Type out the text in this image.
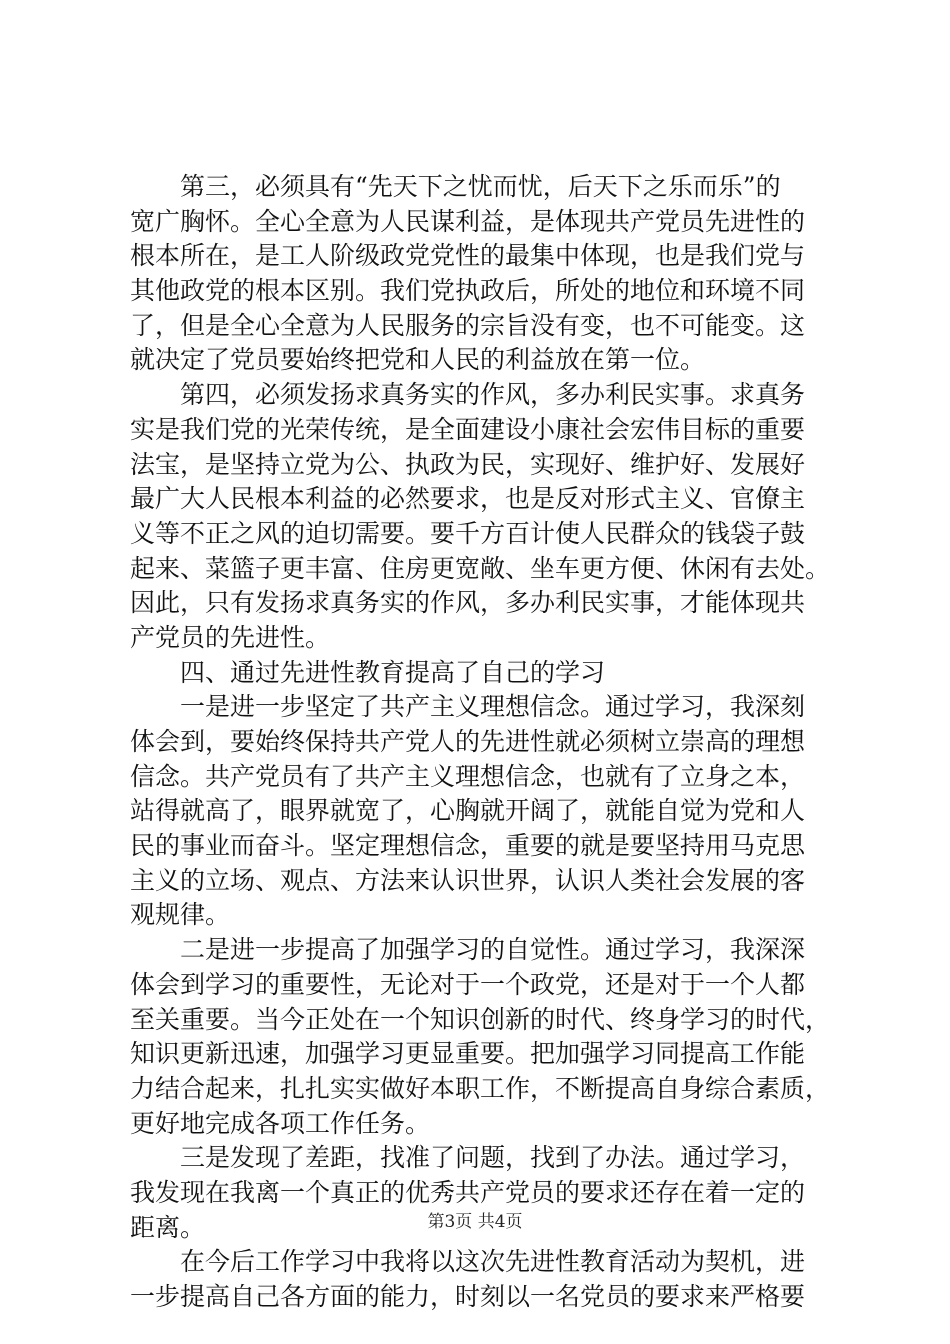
第三，必须具有“先天下之忧而忧，后天下之乐而乐”的
宽广胸怀。全心全意为人民谋利益，是体现共产党员先进性的
根本所在，是工人阶级政党党性的最集中体现，也是我们党与
其他政党的根本区别。我们党执政后，所处的地位和环境不同
了，但是全心全意为人民服务的宗旨没有变，也不可能变。这
就决定了党员要始终把党和人民的利益放在第一位。
第四，必须发扬求真务实的作风，多办利民实事。求真务
实是我们党的光荣传统，是全面建设小康社会宏伟目标的重要
法宝，是坚持立党为公、执政为民，实现好、维护好、发展好
最广大人民根本利益的必然要求，也是反对形式主义、官僚主
义等不正之风的迫切需要。要千方百计使人民群众的钱袋子鼓
起来、菜篮子更丰富、住房更宽敞、坐车更方便、休闲有去处。
因此，只有发扬求真务实的作风，多办利民实事，才能体现共
产党员的先进性。
四、通过先进性教育提高了自己的学习
一是进一步坚定了共产主义理想信念。通过学习，我深刻
体会到，要始终保持共产党人的先进性就必须树立崇高的理想
信念。共产党员有了共产主义理想信念，也就有了立身之本，
站得就高了，眼界就宽了，心胸就开阔了，就能自觉为党和人
民的事业而奋斗。坚定理想信念，重要的就是要坚持用马克思
主义的立场、观点、方法来认识世界，认识人类社会发展的客
观规律。
二是进一步提高了加强学习的自觉性。通过学习，我深深
体会到学习的重要性，无论对于一个政党，还是对于一个人都
至关重要。当今正处在一个知识创新的时代、终身学习的时代，
知识更新迅速，加强学习更显重要。把加强学习同提高工作能
力结合起来，扎扎实实做好本职工作，不断提高自身综合素质，
更好地完成各项工作任务。
三是发现了差距，找准了问题，找到了办法。通过学习，
我发现在我离一个真正的优秀共产党员的要求还存在着一定的
距离。
在今后工作学习中我将以这次先进性教育活动为契机，进
一步提高自己各方面的能力，时刻以一名党员的要求来严格要
第3页 共4页
